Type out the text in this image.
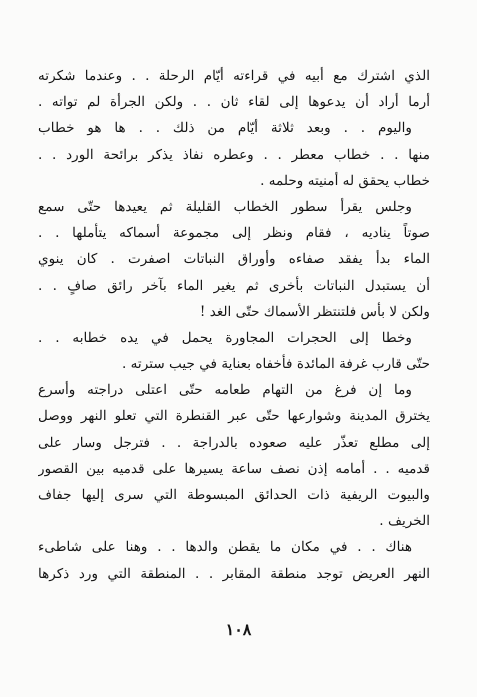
الذي اشترك مع أبيه في قراءته أيّام الرحلة . . وعندما شكرته
أرما أراد أن يدعوها إلى لقاء ثان . . ولكن الجرأة لم تواته .
واليوم . . وبعد ثلاثة أيّام من ذلك . . ها هو خطاب
منها . . خطاب معطر . . وعطره نفاذ يذكر برائحة الورد . .
خطاب يحقق له أمنيته وحلمه .
وجلس يقرأ سطور الخطاب القليلة ثم يعيدها حتّى سمع
صوتاً يناديه ، فقام ونظر إلى مجموعة أسماكه يتأملها . .
الماء بدأ يفقد صفاءه وأوراق النباتات اصفرت . كان ينوي
أن يستبدل النباتات بأخرى ثم يغير الماء بآخر رائق صافٍ . .
ولكن لا بأس فلتنتظر الأسماك حتّى الغد !
وخطا إلى الحجرات المجاورة يحمل في يده خطابه . .
حتّى قارب غرفة المائدة فأخفاه بعناية في جيب سترته .
وما إن فرغ من التهام طعامه حتّى اعتلى دراجته وأسرع
يخترق المدينة وشوارعها حتّى عبر القنطرة التي تعلو النهر ووصل
إلى مطلع تعذّر عليه صعوده بالدراجة . . فترجل وسار على
قدميه . . أمامه إذن نصف ساعة يسيرها على قدميه بين القصور
والبيوت الريفية ذات الحدائق المبسوطة التي سرى إليها جفاف
الخريف .
هناك . . في مكان ما يقطن والدها . . وهنا على شاطىء
النهر العريض توجد منطقة المقابر . . المنطقة التي ورد ذكرها
١٠٨
